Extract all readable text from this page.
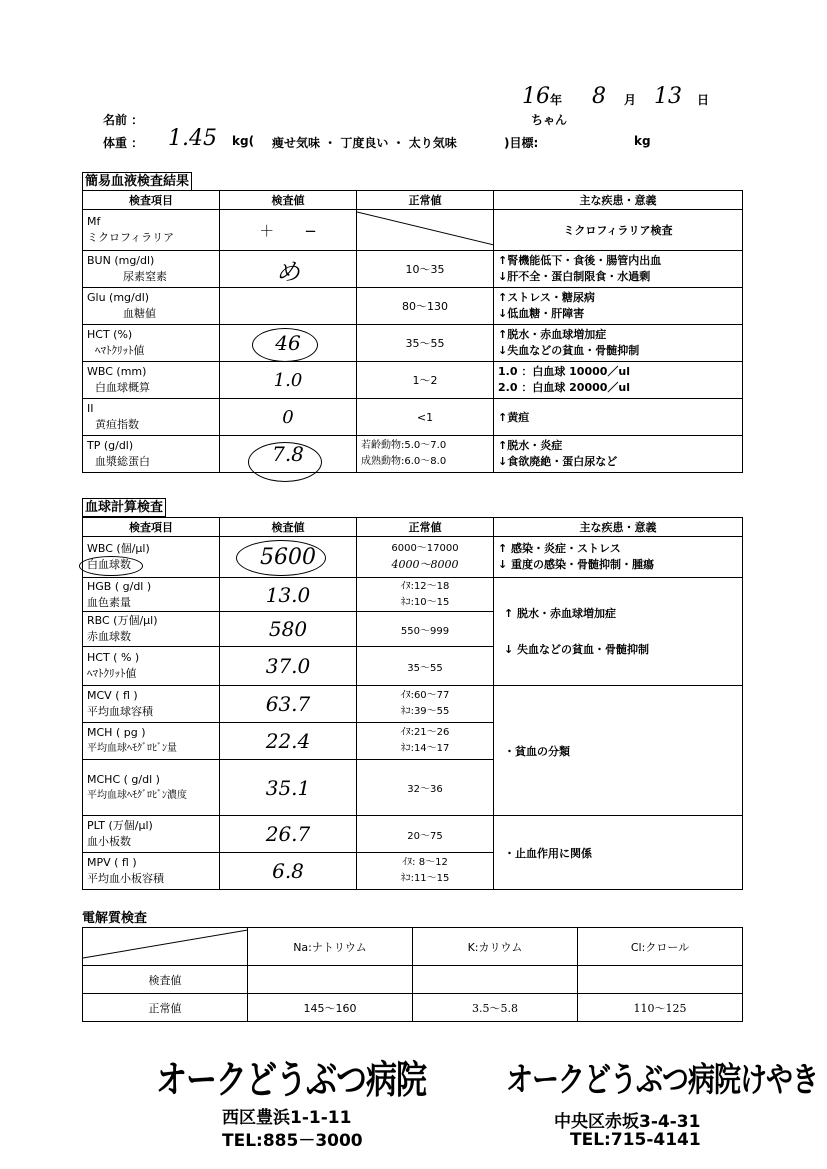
16 年 8 月 13 日
名前 ：	ちゃん
体重 ： 1.45 kg( 痩せ気味 ・ 丁度良い ・ 太り気味	)目標:	kg
簡易血液検査結果
検査項目	検査値	正常値	主な疾患・意義

Mf
ミクロフィラリア	＋　　−		ミクロフィラリア検査

BUN (mg/dl)
尿素窒素	め	10～35	↑腎機能低下・食後・腸管内出血
↓肝不全・蛋白制限食・水過剰

Glu (mg/dl)
血糖値		80～130	↑ストレス・糖尿病
↓低血糖・肝障害

HCT (%)
ﾍﾏﾄｸﾘｯﾄ値	46	35～55	↑脱水・赤血球増加症
↓失血などの貧血・骨髄抑制

WBC (mm)
白血球概算	1.0	1～2	1.0 ：白血球 10000／ul
2.0 ：白血球 20000／ul

II
黄疸指数	0	<1	↑黄疸

TP (g/dl)
血漿総蛋白	7.8	若齢動物:5.0～7.0
成熟動物:6.0～8.0	↑脱水・炎症
↓食欲廃絶・蛋白尿など
血球計算検査
検査項目	検査値	正常値	主な疾患・意義

WBC (個/μl)
白血球数	5600	6000～17000
4000～8000	↑ 感染・炎症・ストレス
↓ 重度の感染・骨髄抑制・腫瘍

HGB ( g/dl )
血色素量	13.0	ｲﾇ:12～18
ﾈｺ:10～15	↑ 脱水・赤血球増加症
↓ 失血などの貧血・骨髄抑制

RBC (万個/μl)
赤血球数	580	550～999	

HCT ( % )
ﾍﾏﾄｸﾘｯﾄ値	37.0	35～55	

MCV ( fl )
平均血球容積	63.7	ｲﾇ:60～77
ﾈｺ:39～55	・貧血の分類

MCH ( pg )
平均血球ﾍﾓｸﾞﾛﾋﾞﾝ量	22.4	ｲﾇ:21～26
ﾈｺ:14～17	

MCHC ( g/dl )
平均血球ﾍﾓｸﾞﾛﾋﾞﾝ濃度	35.1	32～36	

PLT (万個/μl)
血小板数	26.7	20～75	・止血作用に関係

MPV ( fl )
平均血小板容積	6.8	ｲﾇ: 8～12
ﾈｺ:11～15	
電解質検査
	Na:ナトリウム	K:カリウム	Cl:クロール
検査値			
正常値	145～160	3.5～5.8	110～125
オークどうぶつ病院
西区豊浜1-1-11
TEL:885－3000
オークどうぶつ病院けやき
中央区赤坂3-4-31
TEL:715-4141
